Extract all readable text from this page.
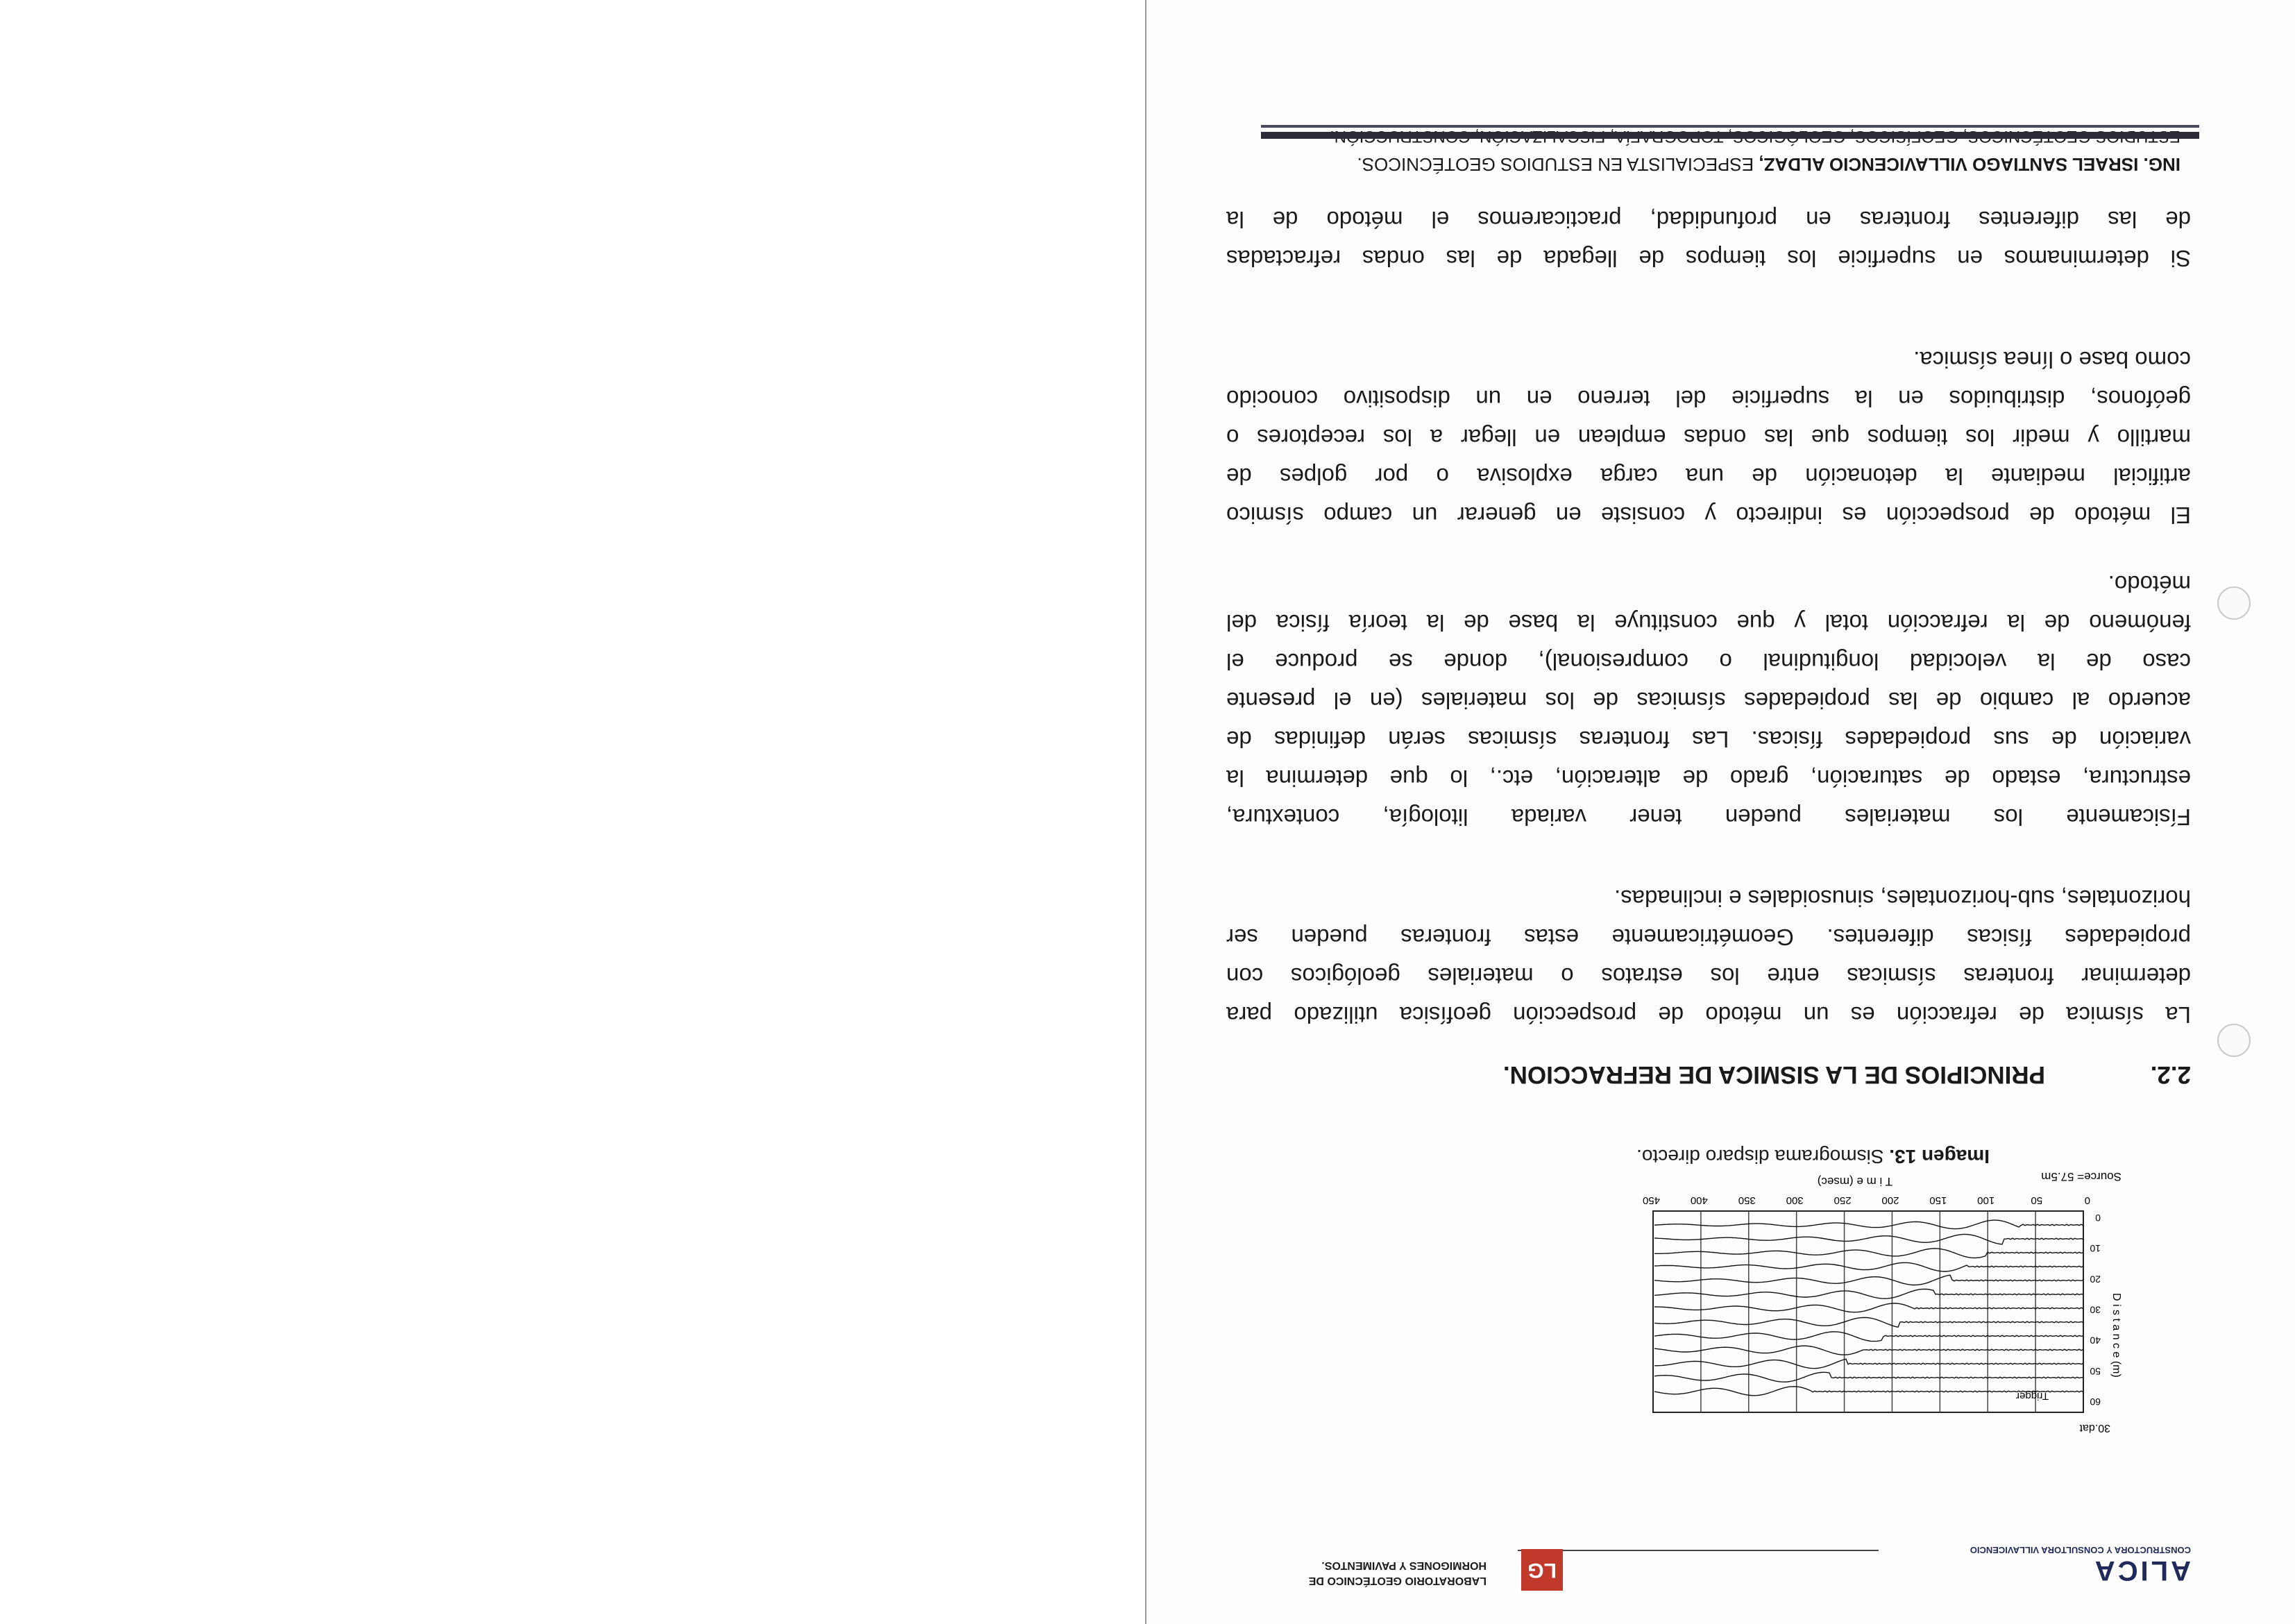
ING. ISRAEL SANTIAGO VILLAVICENCIO ALDAZ, ESPECIALISTA EN ESTUDIOS GEOTÉCNICOS.
Si determinamos en superficie los tiempos de llegada de las ondas refractadas
de las diferentes fronteras en profundidad, practicaremos el método de la
El método de prospección es indirecto y consiste en generar un campo sísmico
artificial mediante la detonación de una carga explosiva o por golpes de
martillo y medir los tiempos que las ondas emplean en llegar a los receptores o
geófonos, distribuidos en la superficie del terreno en un dispositivo conocido
como base o línea sísmica.
Físicamente los materiales pueden tener variada litología, contextura,
estructura, estado de saturación, grado de alteración, etc., lo que determina la
variación de sus propiedades físicas. Las fronteras sísmicas serán definidas de
acuerdo al cambio de las propiedades sísmicas de los materiales (en el presente
caso de la velocidad longitudinal o compresional), donde se produce el
fenómeno de la refracción total y que constituye la base de la teoría física del
método.
La sísmica de refracción es un método de prospección geofísica utilizado para
determinar fronteras sísmicas entre los estratos o materiales geológicos con
propiedades físicas diferentes. Geométricamente estas fronteras pueden ser
horizontales, sub-horizontales, sinusoidales e inclinadas.
2.2.PRINCIPIOS DE LA SISMICA DE REFRACCION.
Imagen 13. Sismograma disparo directo.
30.dat
D i s t a n c e (m)
0
10
20
30
40
50
60
Trigger
0
50
100
150
200
250
300
350
400
450
T i m e (msec)	Source= 57.5m
ALICA
CONSTRUCTORA Y CONSULTORA VILLAVICENCIO
LG
LABORATORIO GEOTÉCNICO DE
HORMIGONES Y PAVIMENTOS.
